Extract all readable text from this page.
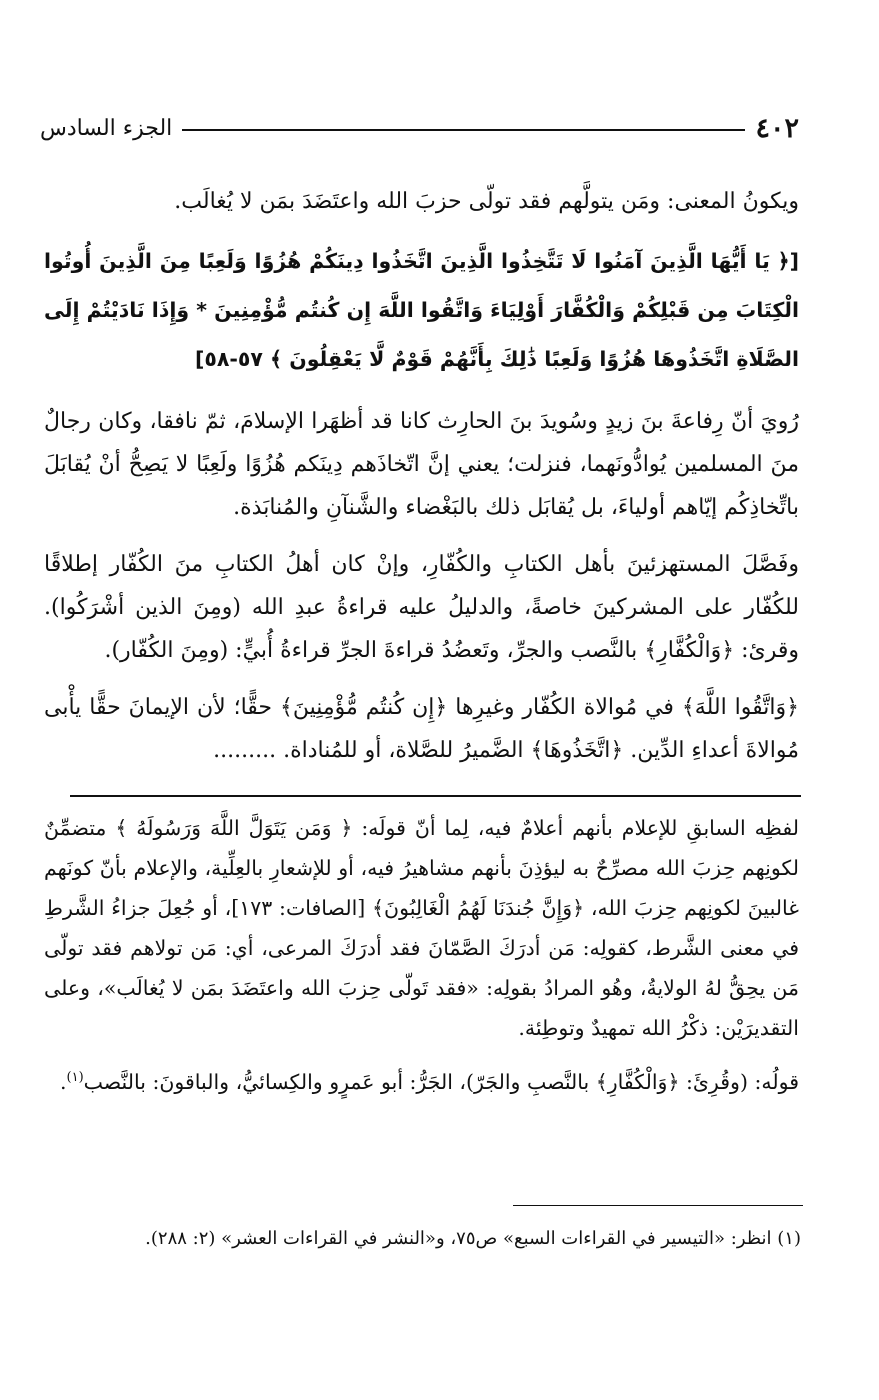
٤٠٢
الجزء السادس

ويكونُ المعنى: ومَن يتولَّهم فقد تولّى حزبَ الله واعتَضَدَ بمَن لا يُغالَب.

[﴿ يَا أَيُّهَا الَّذِينَ آمَنُوا لَا تَتَّخِذُوا الَّذِينَ اتَّخَذُوا دِينَكُمْ هُزُوًا وَلَعِبًا مِنَ الَّذِينَ أُوتُوا الْكِتَابَ مِن قَبْلِكُمْ وَالْكُفَّارَ أَوْلِيَاءَ وَاتَّقُوا اللَّهَ إِن كُنتُم مُّؤْمِنِينَ * وَإِذَا نَادَيْتُمْ إِلَى الصَّلَاةِ اتَّخَذُوهَا هُزُوًا وَلَعِبًا ذَٰلِكَ بِأَنَّهُمْ قَوْمٌ لَّا يَعْقِلُونَ ﴾ ٥٧-٥٨]

رُويَ أنّ رِفاعةَ بنَ زيدٍ وسُويدَ بنَ الحارِث كانا قد أظهَرا الإسلامَ، ثمّ نافقا، وكان رجالٌ منَ المسلمين يُوادُّونَهما، فنزلت؛ يعني إنَّ اتّخاذَهم دِينَكم هُزُوًا ولَعِبًا لا يَصِحُّ أنْ يُقابَلَ باتِّخاذِكُم إيّاهم أولياءَ، بل يُقابَل ذلك بالبَغْضاء والشَّنآنِ والمُنابَذة.

وفَصَّلَ المستهزئينَ بأهل الكتابِ والكُفّارِ، وإنْ كان أهلُ الكتابِ منَ الكُفّار إطلاقًا للكُفّار على المشركينَ خاصةً، والدليلُ عليه قراءةُ عبدِ الله (ومِنَ الذين أشْرَكُوا). وقرئ: ﴿وَالْكُفَّارِ﴾ بالنَّصب والجرِّ، وتَعضُدُ قراءةَ الجرِّ قراءةُ أُبيٍّ: (ومِنَ الكُفّار).

﴿وَاتَّقُوا اللَّهَ﴾ في مُوالاة الكُفّار وغيرِها ﴿إِن كُنتُم مُّؤْمِنِينَ﴾ حقًّا؛ لأن الإيمانَ حقًّا يأْبى مُوالاةَ أعداءِ الدِّين. ﴿اتَّخَذُوهَا﴾ الضَّميرُ للصَّلاة، أو للمُناداة. .........

لفظِه السابقِ للإعلام بأنهم أعلامٌ فيه، لِما أنّ قولَه: ﴿ وَمَن يَتَوَلَّ اللَّهَ وَرَسُولَهُ ﴾ متضمِّنٌ لكونِهم حِزبَ الله مصرِّحٌ به ليؤذِنَ بأنهم مشاهيرُ فيه، أو للإشعارِ بالعِلِّية، والإعلام بأنّ كونَهم غالبينَ لكونِهم حِزبَ الله، ﴿وَإِنَّ جُندَنَا لَهُمُ الْغَالِبُونَ﴾ [الصافات: ١٧٣]، أو جُعِلَ جزاءُ الشَّرطِ في معنى الشَّرط، كقولِه: مَن أدرَكَ الصَّمّانَ فقد أدرَكَ المرعى، أي: مَن تولاهم فقد تولّى مَن يحِقُّ لهُ الولايةُ، وهُو المرادُ بقولِه: «فقد تَولّى حِزبَ الله واعتَضَدَ بمَن لا يُغالَب»، وعلى التقديرَيْن: ذكْرُ الله تمهيدٌ وتوطِئة.

قولُه: (وقُرِئَ: ﴿وَالْكُفَّارِ﴾ بالنَّصبِ والجَرّ)، الجَرُّ: أبو عَمرٍو والكِسائيُّ، والباقونَ: بالنَّصب$^{(١)}$.

(١) انظر: «التيسير في القراءات السبع» ص٧٥، و«النشر في القراءات العشر» (٢: ٢٨٨).
